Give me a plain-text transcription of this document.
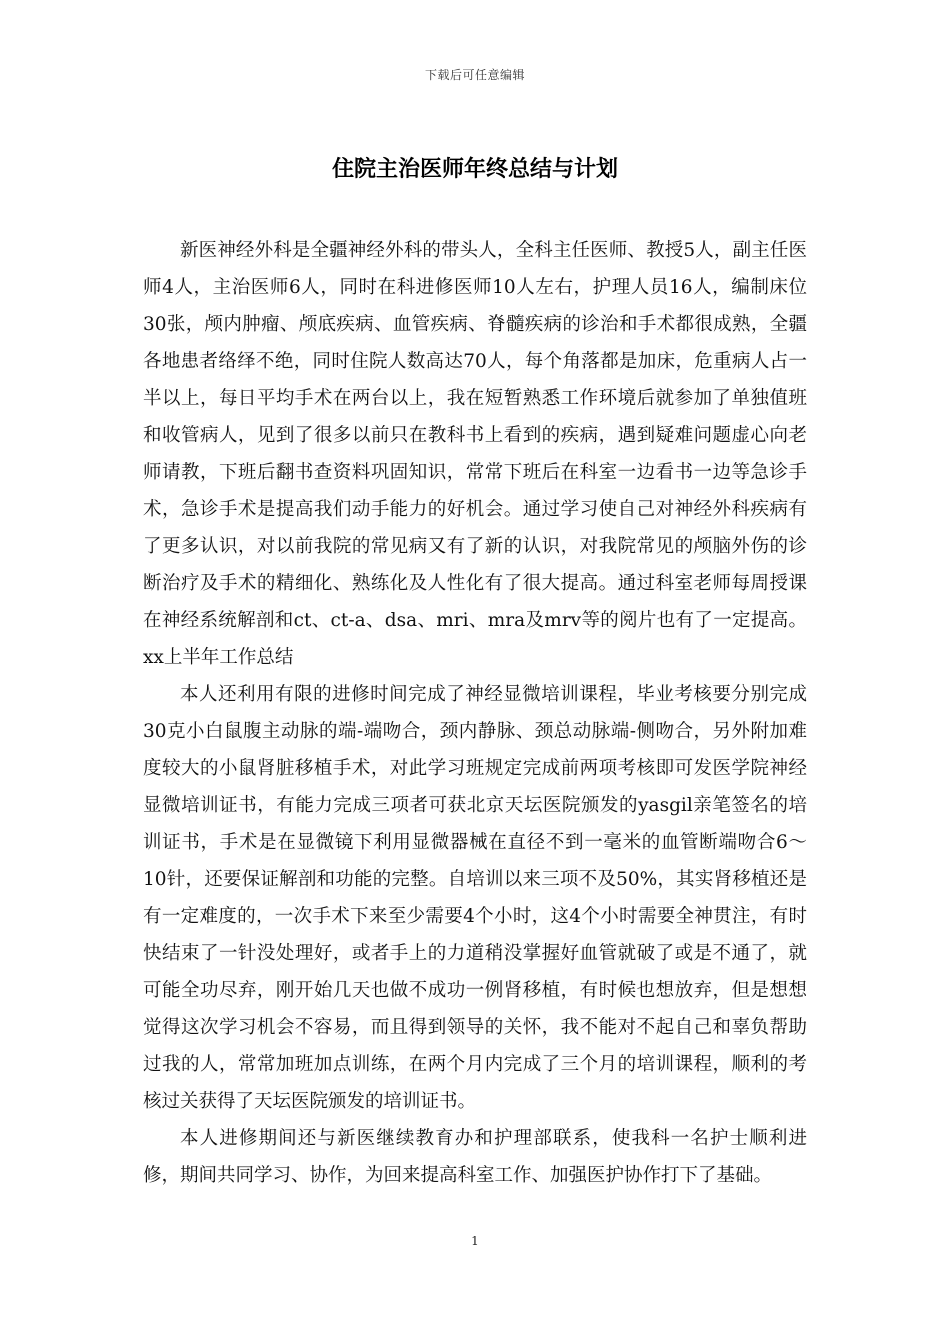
下载后可任意编辑
住院主治医师年终总结与计划

新医神经外科是全疆神经外科的带头人，全科主任医师、教授5人，副主任医师4人，主治医师6人，同时在科进修医师10人左右，护理人员16人，编制床位30张，颅内肿瘤、颅底疾病、血管疾病、脊髓疾病的诊治和手术都很成熟，全疆各地患者络绎不绝，同时住院人数高达70人，每个角落都是加床，危重病人占一半以上，每日平均手术在两台以上，我在短暂熟悉工作环境后就参加了单独值班和收管病人，见到了很多以前只在教科书上看到的疾病，遇到疑难问题虚心向老师请教，下班后翻书查资料巩固知识，常常下班后在科室一边看书一边等急诊手术，急诊手术是提高我们动手能力的好机会。通过学习使自己对神经外科疾病有了更多认识，对以前我院的常见病又有了新的认识，对我院常见的颅脑外伤的诊断治疗及手术的精细化、熟练化及人性化有了很大提高。通过科室老师每周授课在神经系统解剖和ct、ct-a、dsa、mri、mra及mrv等的阅片也有了一定提高。xx上半年工作总结

本人还利用有限的进修时间完成了神经显微培训课程，毕业考核要分别完成30克小白鼠腹主动脉的端-端吻合，颈内静脉、颈总动脉端-侧吻合，另外附加难度较大的小鼠肾脏移植手术，对此学习班规定完成前两项考核即可发医学院神经显微培训证书，有能力完成三项者可获北京天坛医院颁发的yasgil亲笔签名的培训证书，手术是在显微镜下利用显微器械在直径不到一毫米的血管断端吻合6～10针，还要保证解剖和功能的完整。自培训以来三项不及50%，其实肾移植还是有一定难度的，一次手术下来至少需要4个小时，这4个小时需要全神贯注，有时快结束了一针没处理好，或者手上的力道稍没掌握好血管就破了或是不通了，就可能全功尽弃，刚开始几天也做不成功一例肾移植，有时候也想放弃，但是想想觉得这次学习机会不容易，而且得到领导的关怀，我不能对不起自己和辜负帮助过我的人，常常加班加点训练，在两个月内完成了三个月的培训课程，顺利的考核过关获得了天坛医院颁发的培训证书。

本人进修期间还与新医继续教育办和护理部联系，使我科一名护士顺利进修，期间共同学习、协作，为回来提高科室工作、加强医护协作打下了基础。

1
